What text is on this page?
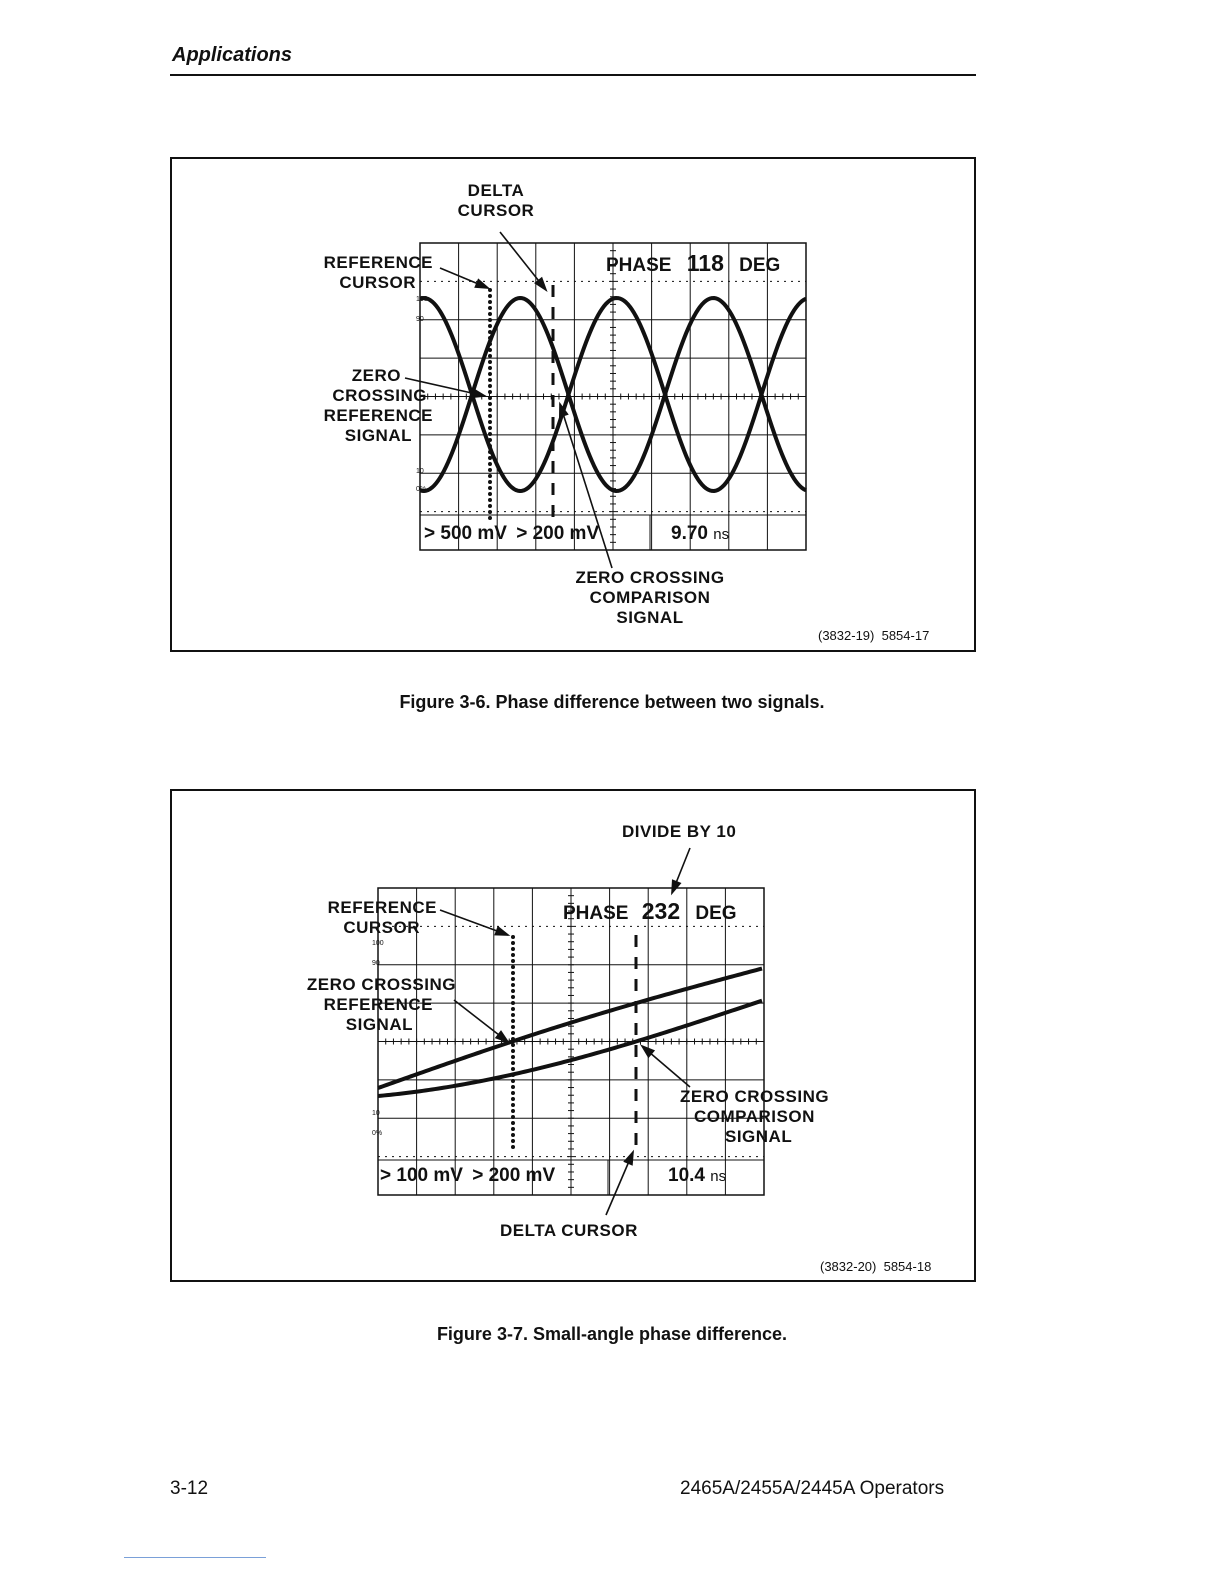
Applications
DELTA
CURSOR
REFERENCE
CURSOR
ZERO
CROSSING
REFERENCE
SIGNAL
ZERO CROSSING
COMPARISON
SIGNAL
PHASE 118 DEG
> 500 mV > 200 mV	9.70 ns
100
90
10
0%
(3832-19)  5854-17
Figure 3-6. Phase difference between two signals.
DIVIDE BY 10
REFERENCE
CURSOR
ZERO CROSSING
REFERENCE
SIGNAL
ZERO CROSSING
COMPARISON
SIGNAL
DELTA CURSOR
PHASE 232 DEG
> 100 mV > 200 mV	10.4 ns
100
90
10
0%
(3832-20)  5854-18
Figure 3-7. Small-angle phase difference.
3-12	2465A/2455A/2445A Operators
